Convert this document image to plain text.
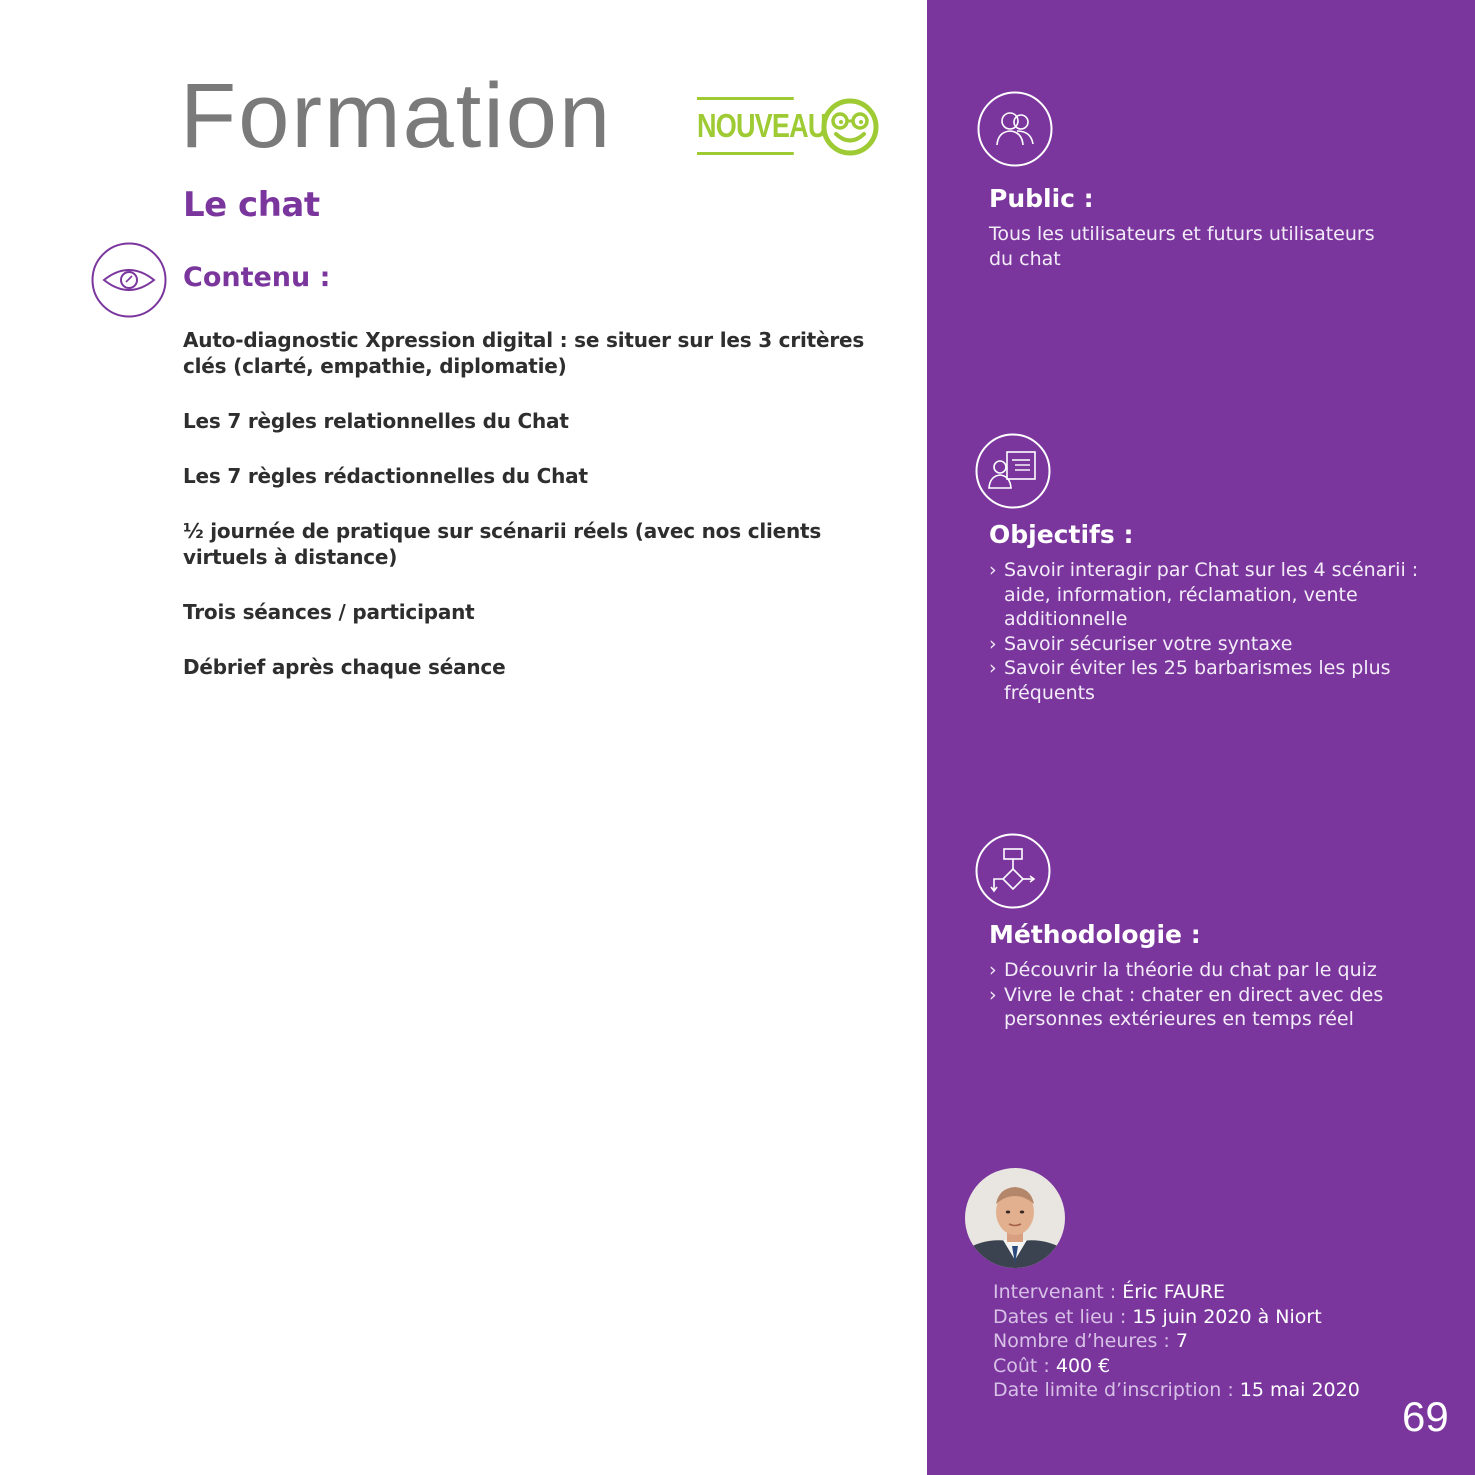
Formation	NOUVEAU
Le chat
Contenu :
Auto-diagnostic Xpression digital : se situer sur les 3 critères clés (clarté, empathie, diplomatie)
Les 7 règles relationnelles du Chat
Les 7 règles rédactionnelles du Chat
½ journée de pratique sur scénarii réels (avec nos clients virtuels à distance)
Trois séances / participant
Débrief après chaque séance
Public :
Tous les utilisateurs et futurs utilisateurs du chat
Objectifs :
› Savoir interagir par Chat sur les 4 scénarii : aide, information, réclamation, vente additionnelle
› Savoir sécuriser votre syntaxe
› Savoir éviter les 25 barbarismes les plus fréquents
Méthodologie :
› Découvrir la théorie du chat par le quiz
› Vivre le chat : chater en direct avec des personnes extérieures en temps réel
Intervenant : Éric FAURE
Dates et lieu : 15 juin 2020 à Niort
Nombre d’heures : 7
Coût : 400 €
Date limite d’inscription : 15 mai 2020
69
